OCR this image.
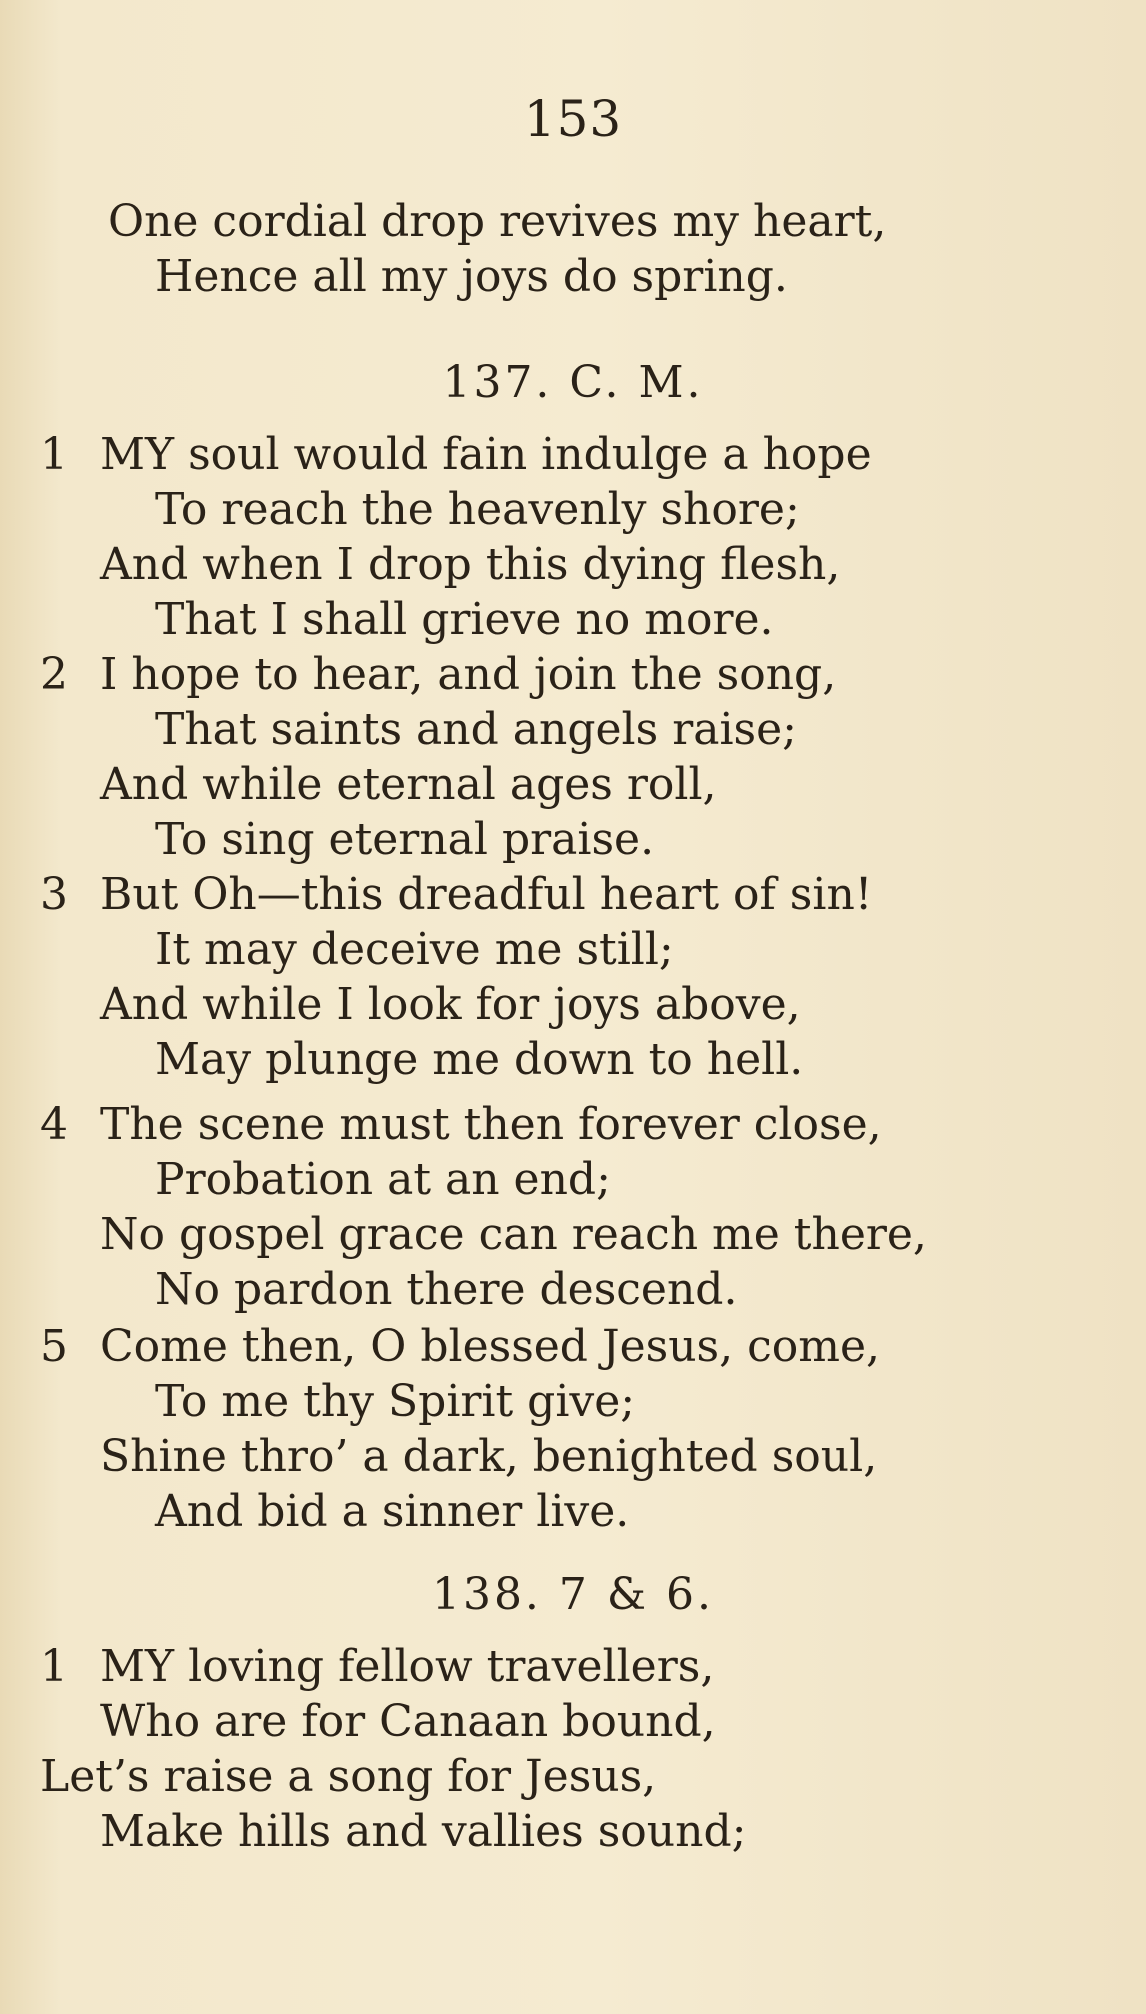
153
One cordial drop revives my heart,
Hence all my joys do spring.
137. C. M.
1 MY soul would fain indulge a hope
To reach the heavenly shore;
And when I drop this dying flesh,
That I shall grieve no more.
2 I hope to hear, and join the song,
That saints and angels raise;
And while eternal ages roll,
To sing eternal praise.
3 But Oh—this dreadful heart of sin!
It may deceive me still;
And while I look for joys above,
May plunge me down to hell.
4 The scene must then forever close,
Probation at an end;
No gospel grace can reach me there,
No pardon there descend.
5 Come then, O blessed Jesus, come,
To me thy Spirit give;
Shine thro’ a dark, benighted soul,
And bid a sinner live.
138. 7 & 6.
1 MY loving fellow travellers,
Who are for Canaan bound,
Let’s raise a song for Jesus,
Make hills and vallies sound;
